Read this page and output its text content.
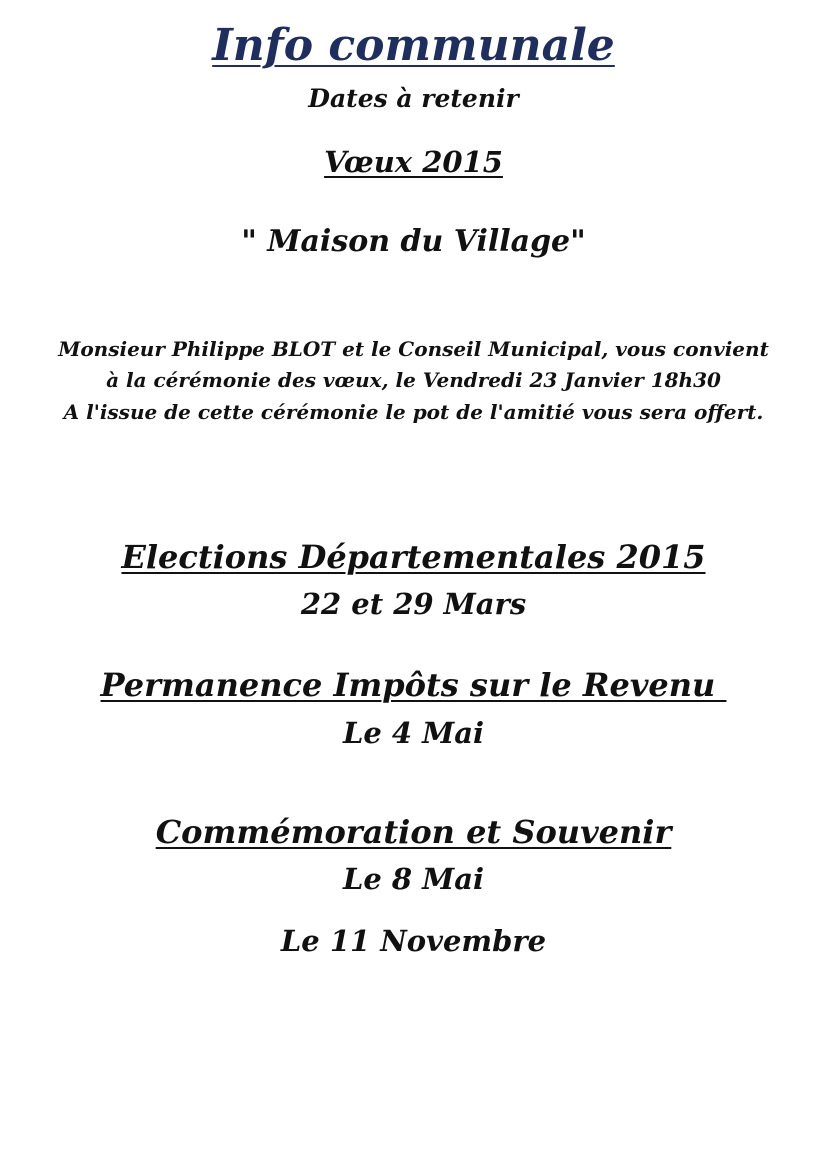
Info communale

Dates à retenir

Vœux 2015

" Maison du Village"

Monsieur Philippe BLOT et le Conseil Municipal, vous convient

à la cérémonie des vœux, le Vendredi 23 Janvier 18h30

A l'issue de cette cérémonie le pot de l'amitié vous sera offert.

Elections Départementales 2015

22 et 29 Mars

Permanence Impôts sur le Revenu

Le 4 Mai

Commémoration et Souvenir

Le 8 Mai

Le 11 Novembre
